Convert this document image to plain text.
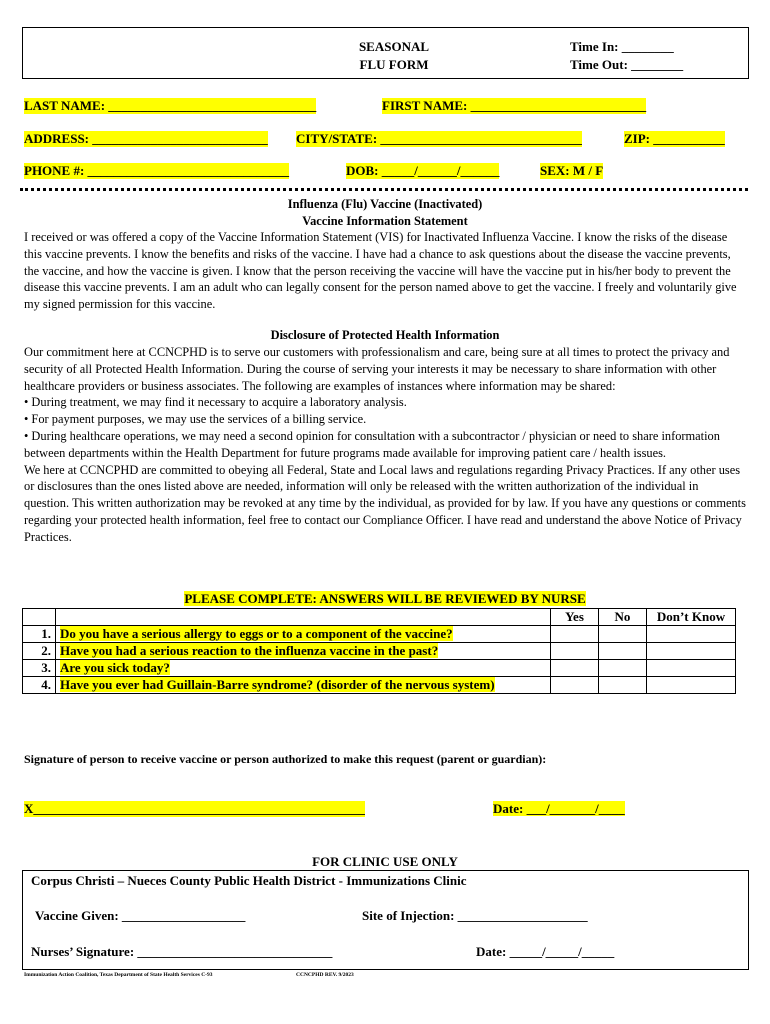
SEASONAL
FLU FORM
Time In: ________
Time Out: ________
LAST NAME: ________________________________	FIRST NAME: ___________________________
ADDRESS: ___________________________ CITY/STATE: _______________________________	ZIP: ___________
PHONE #: _______________________________	DOB: _____/______/______	SEX: M / F
Influenza (Flu) Vaccine (Inactivated)
Vaccine Information Statement

I received or was offered a copy of the Vaccine Information Statement (VIS) for Inactivated Influenza Vaccine. I know the risks of the disease this vaccine prevents. I know the benefits and risks of the vaccine. I have had a chance to ask questions about the disease the vaccine prevents, the vaccine, and how the vaccine is given. I know that the person receiving the vaccine will have the vaccine put in his/her body to prevent the disease this vaccine prevents. I am an adult who can legally consent for the person named above to get the vaccine. I freely and voluntarily give my signed permission for this vaccine.

Disclosure of Protected Health Information
Our commitment here at CCNCPHD is to serve our customers with professionalism and care, being sure at all times to protect the privacy and security of all Protected Health Information. During the course of serving your interests it may be necessary to share information with other healthcare providers or business associates. The following are examples of instances where information may be shared:
• During treatment, we may find it necessary to acquire a laboratory analysis.
• For payment purposes, we may use the services of a billing service.
• During healthcare operations, we may need a second opinion for consultation with a subcontractor / physician or need to share information between departments within the Health Department for future programs made available for improving patient care / health issues.
We here at CCNCPHD are committed to obeying all Federal, State and Local laws and regulations regarding Privacy Practices. If any other uses or disclosures than the ones listed above are needed, information will only be released with the written authorization of the individual in question. This written authorization may be revoked at any time by the individual, as provided for by law. If you have any questions or comments regarding your protected health information, feel free to contact our Compliance Officer. I have read and understand the above Notice of Privacy Practices.
PLEASE COMPLETE: ANSWERS WILL BE REVIEWED BY NURSE
		Yes	No	Don’t Know
1.	Do you have a serious allergy to eggs or to a component of the vaccine?			
2.	Have you had a serious reaction to the influenza vaccine in the past?			
3.	Are you sick today?			
4.	Have you ever had Guillain-Barre syndrome? (disorder of the nervous system)			
Signature of person to receive vaccine or person authorized to make this request (parent or guardian):
X___________________________________________________	Date: ___/_______/____
FOR CLINIC USE ONLY
Corpus Christi – Nueces County Public Health District - Immunizations Clinic
Vaccine Given: ___________________	Site of Injection: ____________________
Nurses’ Signature: ______________________________	Date: _____/_____/_____
Immunization Action Coalition, Texas Department of State Health Services C-93	CCNCPHD REV. 9/2023
